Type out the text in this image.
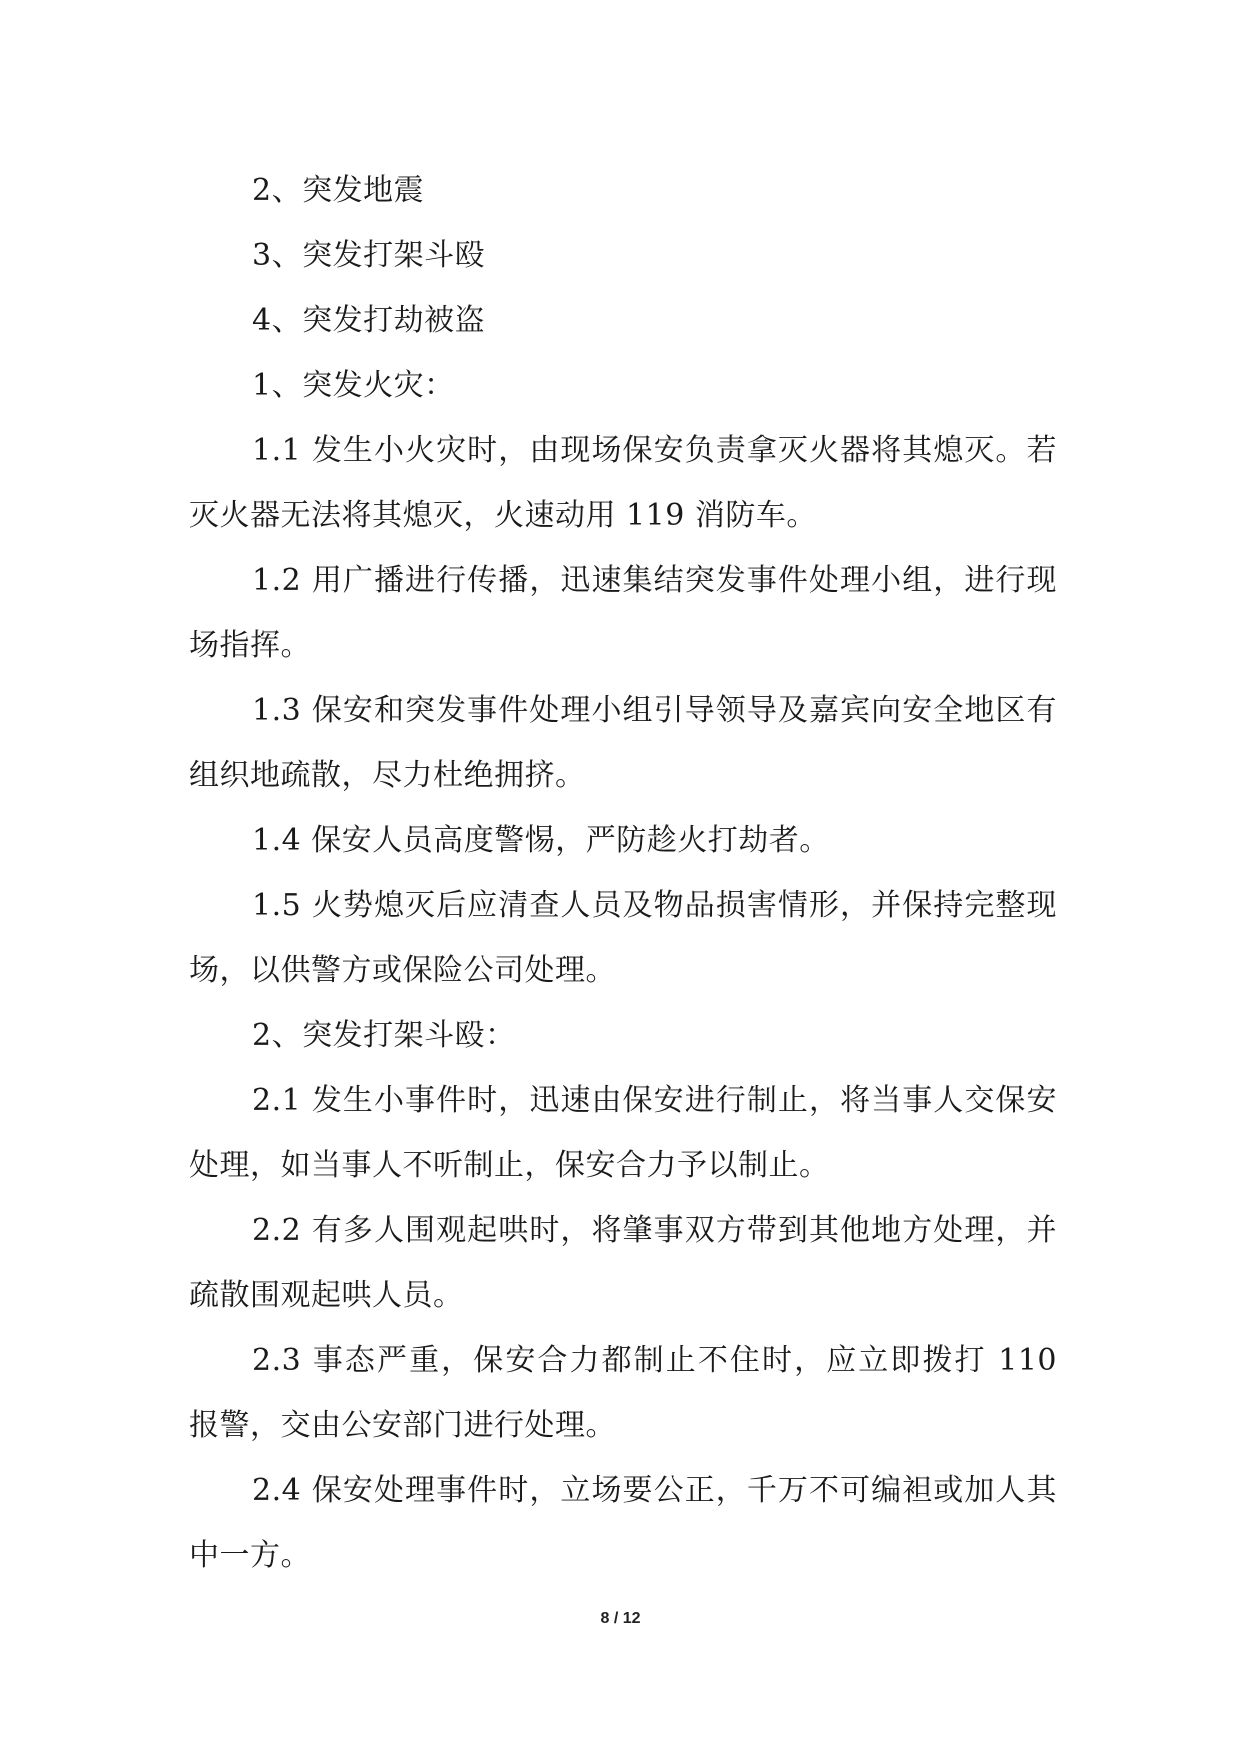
2、突发地震

3、突发打架斗殴

4、突发打劫被盗

1、突发火灾：

1.1 发生小火灾时，由现场保安负责拿灭火器将其熄灭。若灭火器无法将其熄灭，火速动用 119 消防车。

1.2 用广播进行传播，迅速集结突发事件处理小组，进行现场指挥。

1.3 保安和突发事件处理小组引导领导及嘉宾向安全地区有组织地疏散，尽力杜绝拥挤。

1.4 保安人员高度警惕，严防趁火打劫者。

1.5 火势熄灭后应清查人员及物品损害情形，并保持完整现场，以供警方或保险公司处理。

2、突发打架斗殴：

2.1 发生小事件时，迅速由保安进行制止，将当事人交保安处理，如当事人不听制止，保安合力予以制止。

2.2 有多人围观起哄时，将肇事双方带到其他地方处理，并疏散围观起哄人员。

2.3 事态严重，保安合力都制止不住时，应立即拨打 110 报警，交由公安部门进行处理。

2.4 保安处理事件时，立场要公正，千万不可编袒或加人其中一方。

8 / 12
